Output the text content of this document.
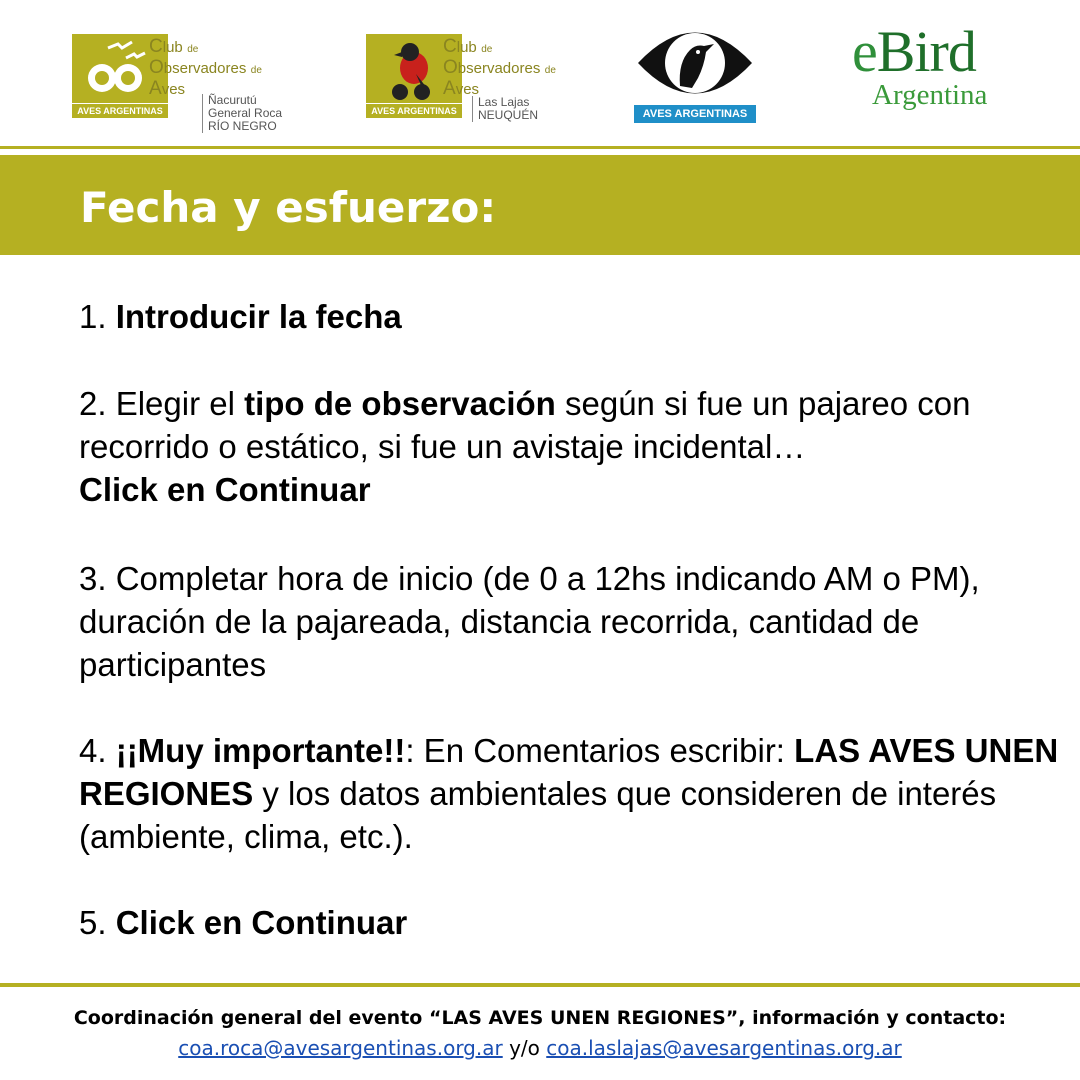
AVES ARGENTINAS
Club de
Observadores de
Aves
Ñacurutú
General Roca
RÍO NEGRO
AVES ARGENTINAS
Club de
Observadores de
Aves
Las Lajas
NEUQUÉN	AVES ARGENTINAS
eBird
Argentina
Fecha y esfuerzo:

1. Introducir la fecha

2. Elegir el tipo de observación según si fue un pajareo con recorrido o estático, si fue un avistaje incidental…
Click en Continuar

3. Completar hora de inicio (de 0 a 12hs indicando AM o PM), duración de la pajareada, distancia recorrida, cantidad de participantes

4. ¡¡Muy importante!!: En Comentarios escribir: LAS AVES UNEN REGIONES y los datos ambientales que consideren de interés (ambiente, clima, etc.).

5. Click en Continuar

Coordinación general del evento “LAS AVES UNEN REGIONES”, información y contacto:
coa.roca@avesargentinas.org.ar y/o coa.laslajas@avesargentinas.org.ar
